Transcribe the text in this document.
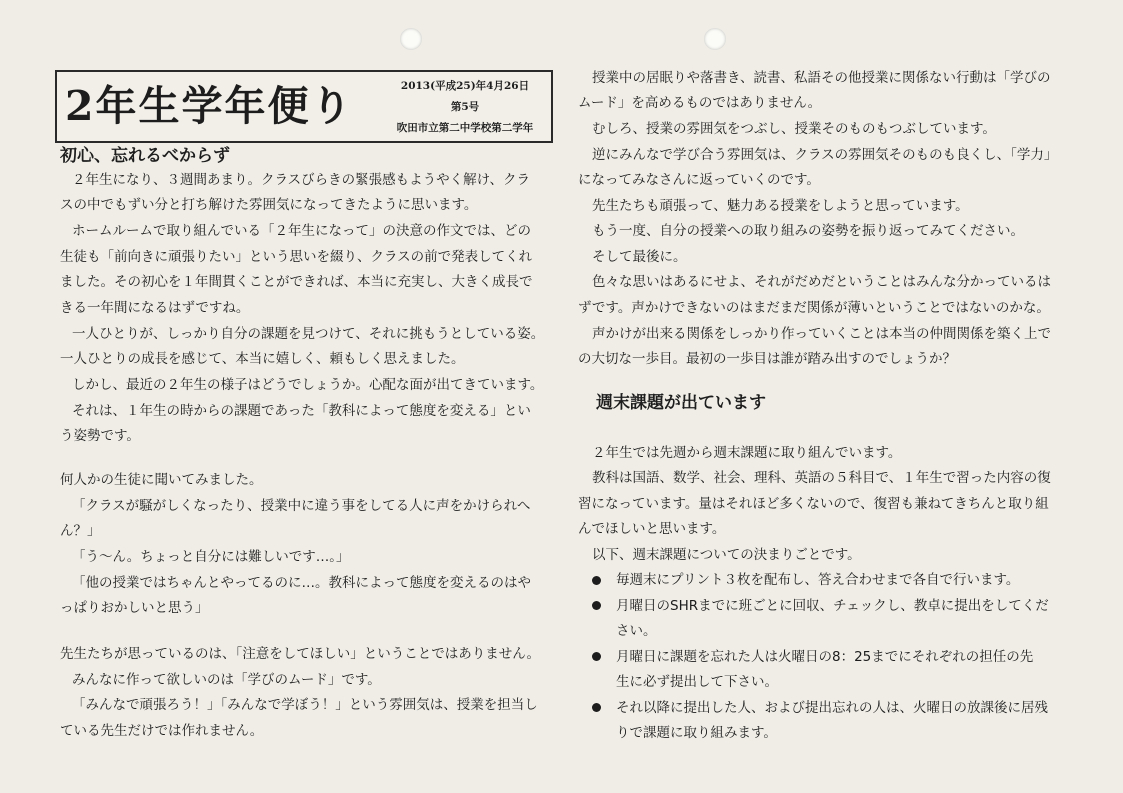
2年生学年便り	2013(平成25)年4月26日
第5号
吹田市立第二中学校第二学年
初心、忘れるべからず
２年生になり、３週間あまり。クラスびらきの緊張感もようやく解け、クラ
スの中でもずい分と打ち解けた雰囲気になってきたように思います。
ホームルームで取り組んでいる「２年生になって」の決意の作文では、どの
生徒も「前向きに頑張りたい」という思いを綴り、クラスの前で発表してくれ
ました。その初心を１年間貫くことができれば、本当に充実し、大きく成長で
きる一年間になるはずですね。
一人ひとりが、しっかり自分の課題を見つけて、それに挑もうとしている姿。
一人ひとりの成長を感じて、本当に嬉しく、頼もしく思えました。
しかし、最近の２年生の様子はどうでしょうか。心配な面が出てきています。
それは、１年生の時からの課題であった「教科によって態度を変える」とい
う姿勢です。
何人かの生徒に聞いてみました。
「クラスが騒がしくなったり、授業中に違う事をしてる人に声をかけられへ
ん？」
「う～ん。ちょっと自分には難しいです…。」
「他の授業ではちゃんとやってるのに…。教科によって態度を変えるのはや
っぱりおかしいと思う」
先生たちが思っているのは、「注意をしてほしい」ということではありません。
みんなに作って欲しいのは「学びのムード」です。
「みんなで頑張ろう！」「みんなで学ぼう！」という雰囲気は、授業を担当し
ている先生だけでは作れません。
授業中の居眠りや落書き、読書、私語その他授業に関係ない行動は「学びの
ムード」を高めるものではありません。
むしろ、授業の雰囲気をつぶし、授業そのものもつぶしています。
逆にみんなで学び合う雰囲気は、クラスの雰囲気そのものも良くし、「学力」
になってみなさんに返っていくのです。
先生たちも頑張って、魅力ある授業をしようと思っています。
もう一度、自分の授業への取り組みの姿勢を振り返ってみてください。
そして最後に。
色々な思いはあるにせよ、それがだめだということはみんな分かっているは
ずです。声かけできないのはまだまだ関係が薄いということではないのかな。
声かけが出来る関係をしっかり作っていくことは本当の仲間関係を築く上で
の大切な一歩目。最初の一歩目は誰が踏み出すのでしょうか？
週末課題が出ています
２年生では先週から週末課題に取り組んでいます。
教科は国語、数学、社会、理科、英語の５科目で、１年生で習った内容の復
習になっています。量はそれほど多くないので、復習も兼ねてきちんと取り組
んでほしいと思います。
以下、週末課題についての決まりごとです。
毎週末にプリント３枚を配布し、答え合わせまで各自で行います。
月曜日のSHRまでに班ごとに回収、チェックし、教卓に提出をしてくだ
さい。
月曜日に課題を忘れた人は火曜日の8：25までにそれぞれの担任の先
生に必ず提出して下さい。
それ以降に提出した人、および提出忘れの人は、火曜日の放課後に居残
りで課題に取り組みます。
